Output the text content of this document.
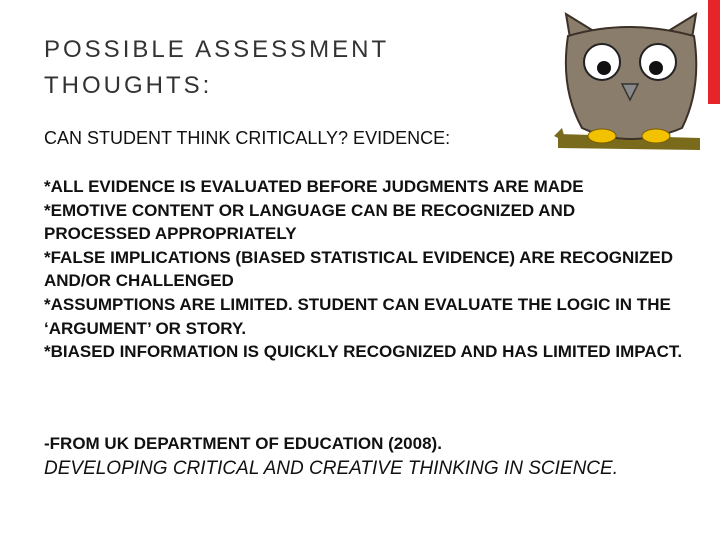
POSSIBLE ASSESSMENT
THOUGHTS:
CAN STUDENT THINK CRITICALLY? EVIDENCE:
*ALL EVIDENCE IS EVALUATED BEFORE JUDGMENTS ARE MADE
*EMOTIVE CONTENT OR LANGUAGE CAN BE RECOGNIZED AND PROCESSED APPROPRIATELY
*FALSE IMPLICATIONS (BIASED STATISTICAL EVIDENCE) ARE RECOGNIZED AND/OR CHALLENGED
*ASSUMPTIONS ARE LIMITED. STUDENT CAN EVALUATE THE LOGIC IN THE ‘ARGUMENT’ OR STORY.
*BIASED INFORMATION IS QUICKLY RECOGNIZED AND HAS LIMITED IMPACT.
-FROM UK DEPARTMENT OF EDUCATION (2008).
DEVELOPING CRITICAL AND CREATIVE THINKING IN SCIENCE.
